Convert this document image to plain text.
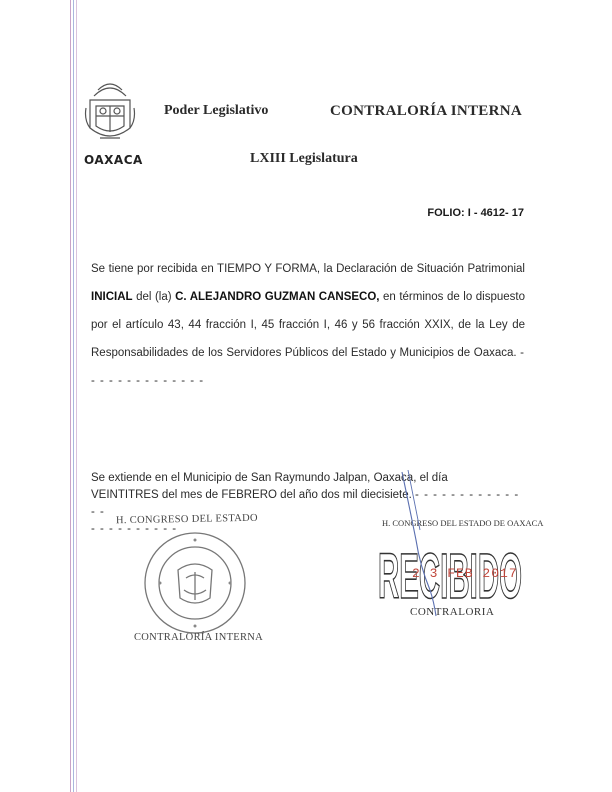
OAXACA
Poder Legislativo	CONTRALORÍA INTERNA
LXIII Legislatura
FOLIO: I - 4612- 17
Se tiene por recibida en TIEMPO Y FORMA, la Declaración de Situación Patrimonial INICIAL del (la) C. ALEJANDRO GUZMAN CANSECO, en términos de lo dispuesto por el artículo 43, 44 fracción I, 45 fracción I, 46 y 56 fracción XXIX, de la Ley de Responsabilidades de los Servidores Públicos del Estado y Municipios de Oaxaca. - - - - - - - - - - - - - -
Se extiende en el Municipio de San Raymundo Jalpan, Oaxaca, el día
VEINTITRES del mes de FEBRERO del año dos mil diecisiete. - - - - - - - - - - - - - -
- - - - - - - - - -
H. CONGRESO DEL ESTADO
CONTRALORÍA INTERNA
H. CONGRESO DEL ESTADO DE OAXACA
RECIBIDO
2 3 FEB 2017
CONTRALORIA
